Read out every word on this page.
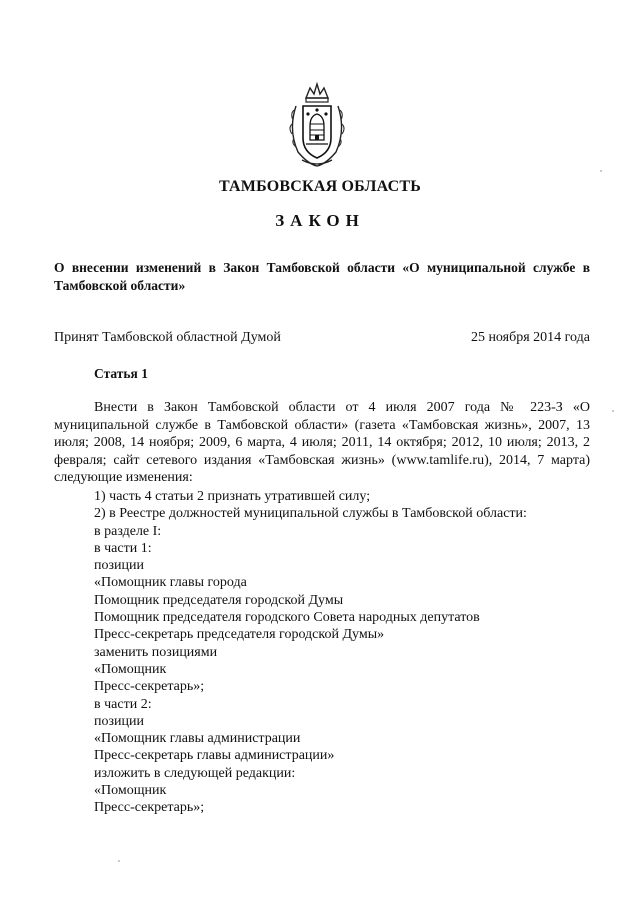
ТАМБОВСКАЯ ОБЛАСТЬ
ЗАКОН
О внесении изменений в Закон Тамбовской области «О муниципальной службе в Тамбовской области»
Принят Тамбовской областной Думой	25 ноября 2014 года
Статья 1
Внести в Закон Тамбовской области от 4 июля 2007 года № 223-З «О муниципальной службе в Тамбовской области» (газета «Тамбовская жизнь», 2007, 13 июля; 2008, 14 ноября; 2009, 6 марта, 4 июля; 2011, 14 октября; 2012, 10 июля; 2013, 2 февраля; сайт сетевого издания «Тамбовская жизнь» (www.tamlife.ru), 2014, 7 марта) следующие изменения:
1) часть 4 статьи 2 признать утратившей силу;
2) в Реестре должностей муниципальной службы в Тамбовской области:
в разделе I:
в части 1:
позиции
«Помощник главы города
Помощник председателя городской Думы
Помощник председателя городского Совета народных депутатов
Пресс-секретарь председателя городской Думы»
заменить позициями
«Помощник
Пресс-секретарь»;
в части 2:
позиции
«Помощник главы администрации
Пресс-секретарь главы администрации»
изложить в следующей редакции:
«Помощник
Пресс-секретарь»;
